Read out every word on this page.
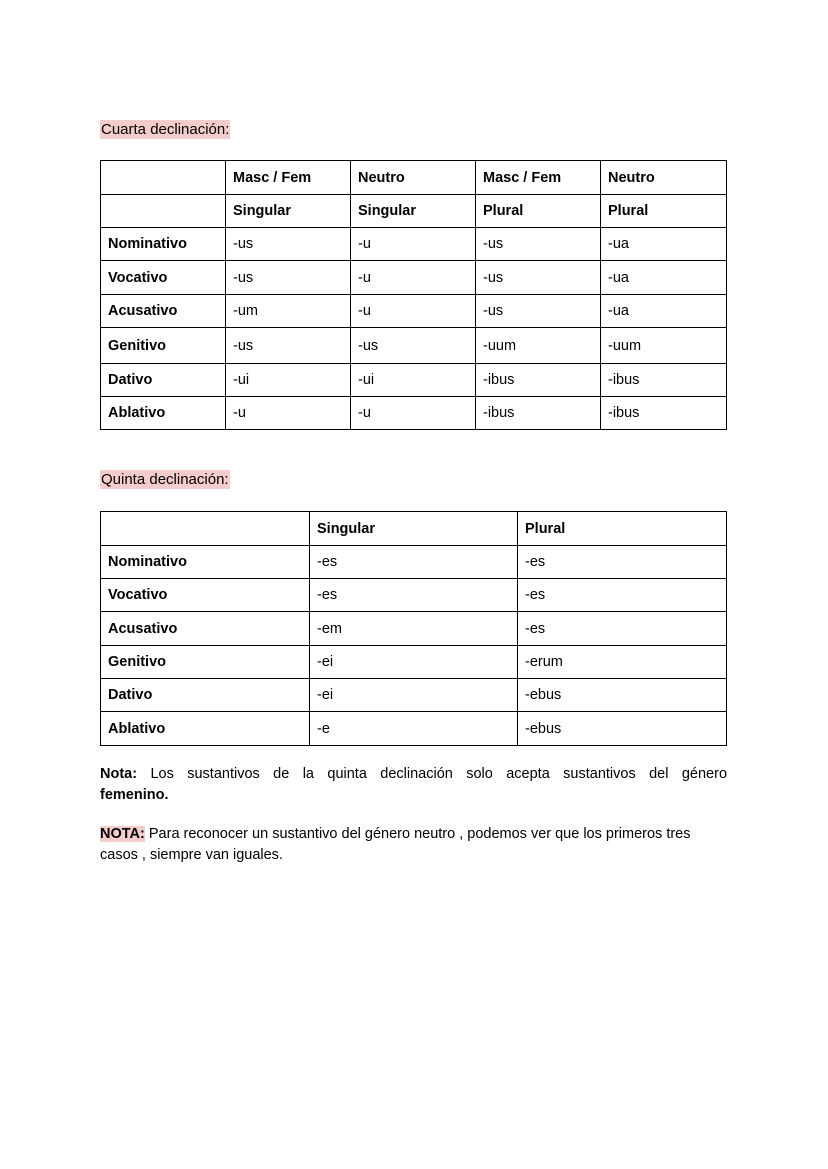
Cuarta declinación:
	Masc / Fem	Neutro	Masc / Fem	Neutro
	Singular	Singular	Plural	Plural
Nominativo	-us	-u	-us	-ua
Vocativo	-us	-u	-us	-ua
Acusativo	-um	-u	-us	-ua
Genitivo	-us	-us	-uum	-uum
Dativo	-ui	-ui	-ibus	-ibus
Ablativo	-u	-u	-ibus	-ibus
Quinta declinación:
	Singular	Plural
Nominativo	-es	-es
Vocativo	-es	-es
Acusativo	-em	-es
Genitivo	-ei	-erum
Dativo	-ei	-ebus
Ablativo	-e	-ebus
Nota: Los sustantivos de la quinta declinación solo acepta sustantivos del género
femenino.
NOTA: Para reconocer un sustantivo del género neutro , podemos ver que los primeros tres casos , siempre van iguales.
